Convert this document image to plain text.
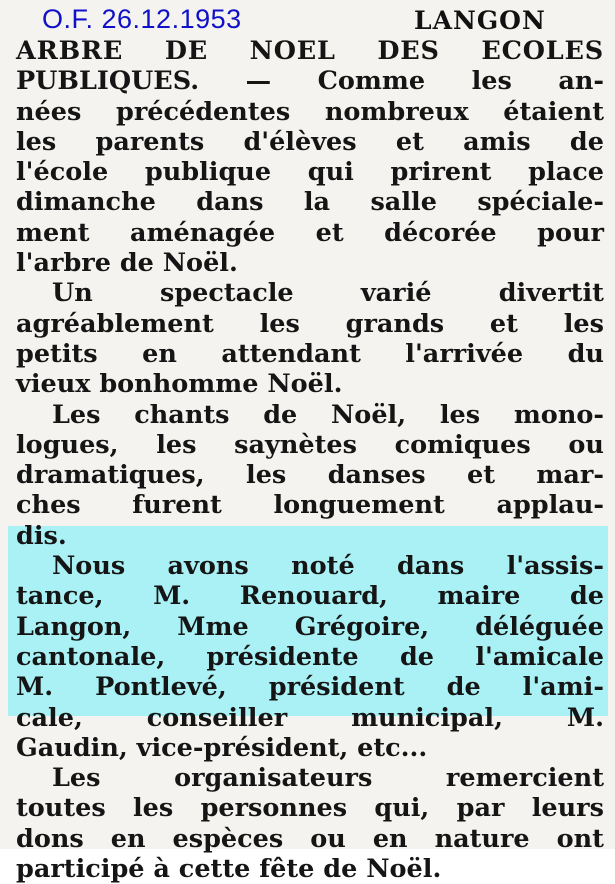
O.F. 26.12.1953	LANGON
ARBRE DE NOEL DES ECOLES
PUBLIQUES. — Comme les an-
nées précédentes nombreux étaient
les parents d'élèves et amis de
l'école publique qui prirent place
dimanche dans la salle spéciale-
ment aménagée et décorée pour
l'arbre de Noël.
Un	spectacle	varié	divertit
agréablement les grands et les
petits en attendant l'arrivée du
vieux bonhomme Noël.
Les chants de Noël, les mono-
logues, les saynètes comiques ou
dramatiques, les danses et mar-
ches furent longuement applau-
dis.
Nous avons noté dans l'assis-
tance, M. Renouard, maire de
Langon, Mme Grégoire, déléguée
cantonale, présidente de l'amicale
M. Pontlevé, président de l'ami-
cale,	conseiller	municipal,	M.
Gaudin, vice-président, etc...
Les	organisateurs	remercient
toutes les personnes qui, par leurs
dons en espèces ou en nature ont
participé à cette fête de Noël.
